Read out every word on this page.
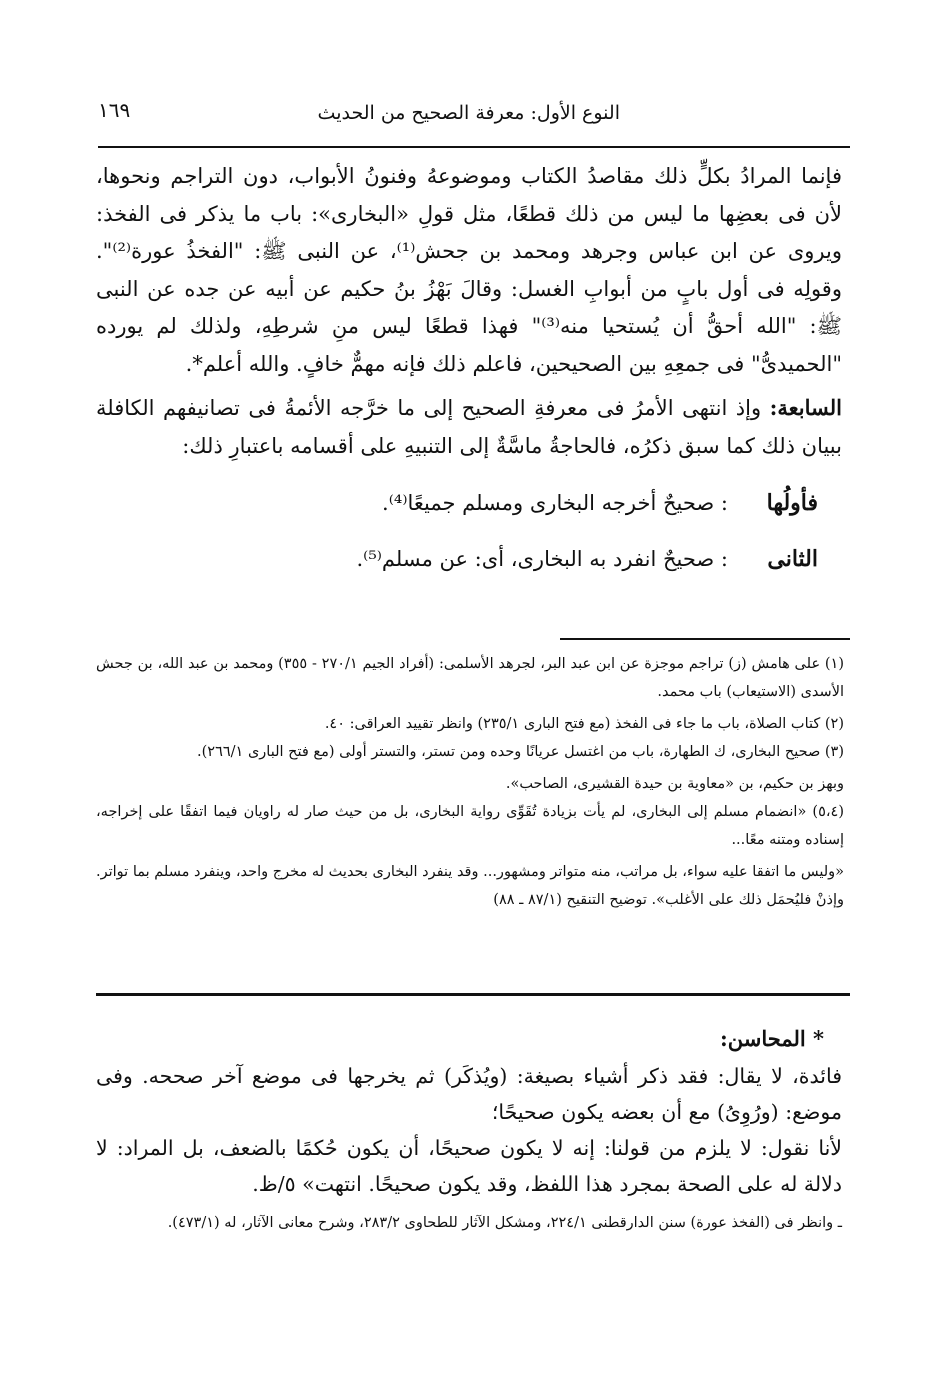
النوع الأول: معرفة الصحيح من الحديث
١٦٩

فإنما المرادُ بكلٍّ ذلك مقاصدُ الكتاب وموضوعهُ وفنونُ الأبواب، دون التراجم ونحوها، لأن فى بعضِها ما ليس من ذلك قطعًا، مثل قولِ «البخارى»: باب ما يذكر فى الفخذ: ويروى عن ابن عباس وجرهد ومحمد بن جحش⁽¹⁾، عن النبى ﷺ: "الفخذُ عورة⁽²⁾". وقولِه فى أول بابٍ من أبوابِ الغسل: وقالَ بَهْزُ بنُ حكيم عن أبيه عن جده عن النبى ﷺ: "الله أحقُّ أن يُستحيا منه⁽³⁾" فهذا قطعًا ليس منِ شرطِهِ، ولذلك لم يورده "الحميدىُّ" فى جمعِهِ بين الصحيحين، فاعلم ذلك فإنه مهمٌّ خافٍ. والله أعلم*.

السابعة: وإذ انتهى الأمرُ فى معرفةِ الصحيح إلى ما خرَّجه الأئمةُ فى تصانيفهم الكافلة ببيان ذلك كما سبق ذكرُه، فالحاجةُ ماسَّةٌ إلى التنبيهِ على أقسامه باعتبارِ ذلك:

فأولُها
: صحيحٌ أخرجه البخارى ومسلم جميعًا⁽⁴⁾.
الثانى
: صحيحٌ انفرد به البخارى، أى: عن مسلم⁽⁵⁾.

(١) على هامش (ز) تراجم موجزة عن ابن عبد البر، لجرهد الأسلمى: (أفراد الجيم ٢٧٠/١ - ٣٥٥) ومحمد بن عبد الله، بن جحش الأسدى (الاستيعاب) باب محمد.

(٢) كتاب الصلاة، باب ما جاء فى الفخذ (مع فتح البارى ٢٣٥/١) وانظر تقييد العراقى: ٤٠.

(٣) صحيح البخارى، ك الطهارة، باب من اغتسل عريانًا وحده ومن تستر، والتستر أولى (مع فتح البارى ٢٦٦/١).

وبهز بن حكيم، بن «معاوية بن حيدة القشيرى، الصاحب».

(٥،٤) «انضمام مسلم إلى البخارى، لم يأت بزيادة تُقَوِّى رواية البخارى، بل من حيث صار له راويان فيما اتفقًا على إخراجه، إسناده ومتنه معًا...

«وليس ما اتفقا عليه سواء، بل مراتب، منه متواتر ومشهور... وقد ينفرد البخارى بحديث له مخرج واحد، وينفرد مسلم بما تواتر. وإذنْ فليُحمَل ذلك على الأغلب». توضيح التنقيح (٨٧/١ ـ ٨٨)

* المحاسن:

فائدة، لا يقال: فقد ذكر أشياء بصيغة: (ويُذكَر) ثم يخرجها فى موضع آخر صححه. وفى موضع: (ورُوِىُ) مع أن بعضه يكون صحيحًا؛

لأنا نقول: لا يلزم من قولنا: إنه لا يكون صحيحًا، أن يكون حُكمًا بالضعف، بل المراد: لا دلالة له على الصحة بمجرد هذا اللفظ، وقد يكون صحيحًا. انتهت» ٥/ظ.

ـ وانظر فى (الفخذ عورة) سنن الدارقطنى ٢٢٤/١، ومشكل الآثار للطحاوى ٢٨٣/٢، وشرح معانى الآثار، له (٤٧٣/١).
